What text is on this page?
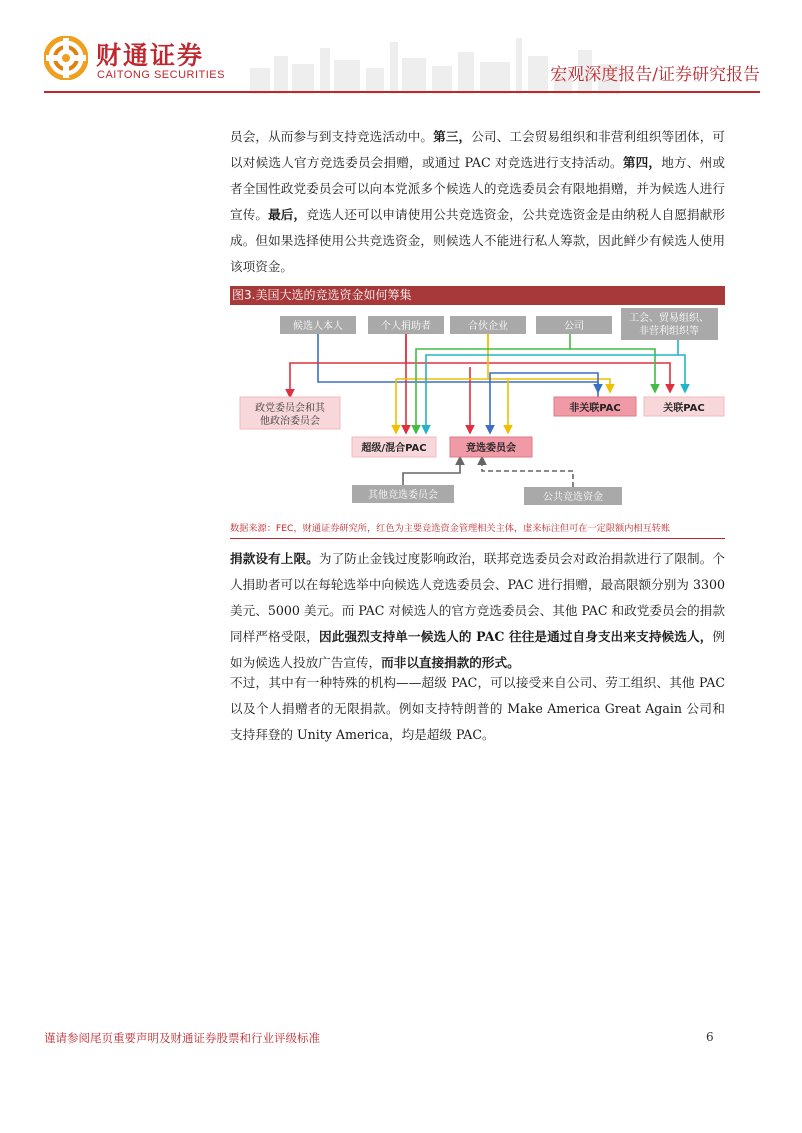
财通证券
CAITONG SECURITIES	宏观深度报告/证券研究报告
员会，从而参与到支持竞选活动中。第三，公司、工会贸易组织和非营利组织等团体，可以对候选人官方竞选委员会捐赠，或通过 PAC 对竞选进行支持活动。第四，地方、州或者全国性政党委员会可以向本党派多个候选人的竞选委员会有限地捐赠，并为候选人进行宣传。最后，竞选人还可以申请使用公共竞选资金，公共竞选资金是由纳税人自愿捐献形成。但如果选择使用公共竞选资金，则候选人不能进行私人筹款，因此鲜少有候选人使用该项资金。
图3.美国大选的竞选资金如何筹集
候选人本人	个人捐助者	合伙企业	公司
工会、贸易组织、
非营利组织等
政党委员会和其
他政治委员会
非关联PAC	关联PAC
超级/混合PAC	竞选委员会
其他竞选委员会	公共竞选资金
数据来源：FEC，财通证券研究所，红色为主要竞选资金管理相关主体，虚来标注但可在一定限额内相互转账
捐款设有上限。为了防止金钱过度影响政治，联邦竞选委员会对政治捐款进行了限制。个人捐助者可以在每轮选举中向候选人竞选委员会、PAC 进行捐赠，最高限额分别为 3300 美元、5000 美元。而 PAC 对候选人的官方竞选委员会、其他 PAC 和政党委员会的捐款同样严格受限，因此强烈支持单一候选人的 PAC 往往是通过自身支出来支持候选人，例如为候选人投放广告宣传，而非以直接捐款的形式。
不过，其中有一种特殊的机构——超级 PAC，可以接受来自公司、劳工组织、其他 PAC 以及个人捐赠者的无限捐款。例如支持特朗普的 Make America Great Again 公司和支持拜登的 Unity America，均是超级 PAC。
谨请参阅尾页重要声明及财通证券股票和行业评级标准	6
